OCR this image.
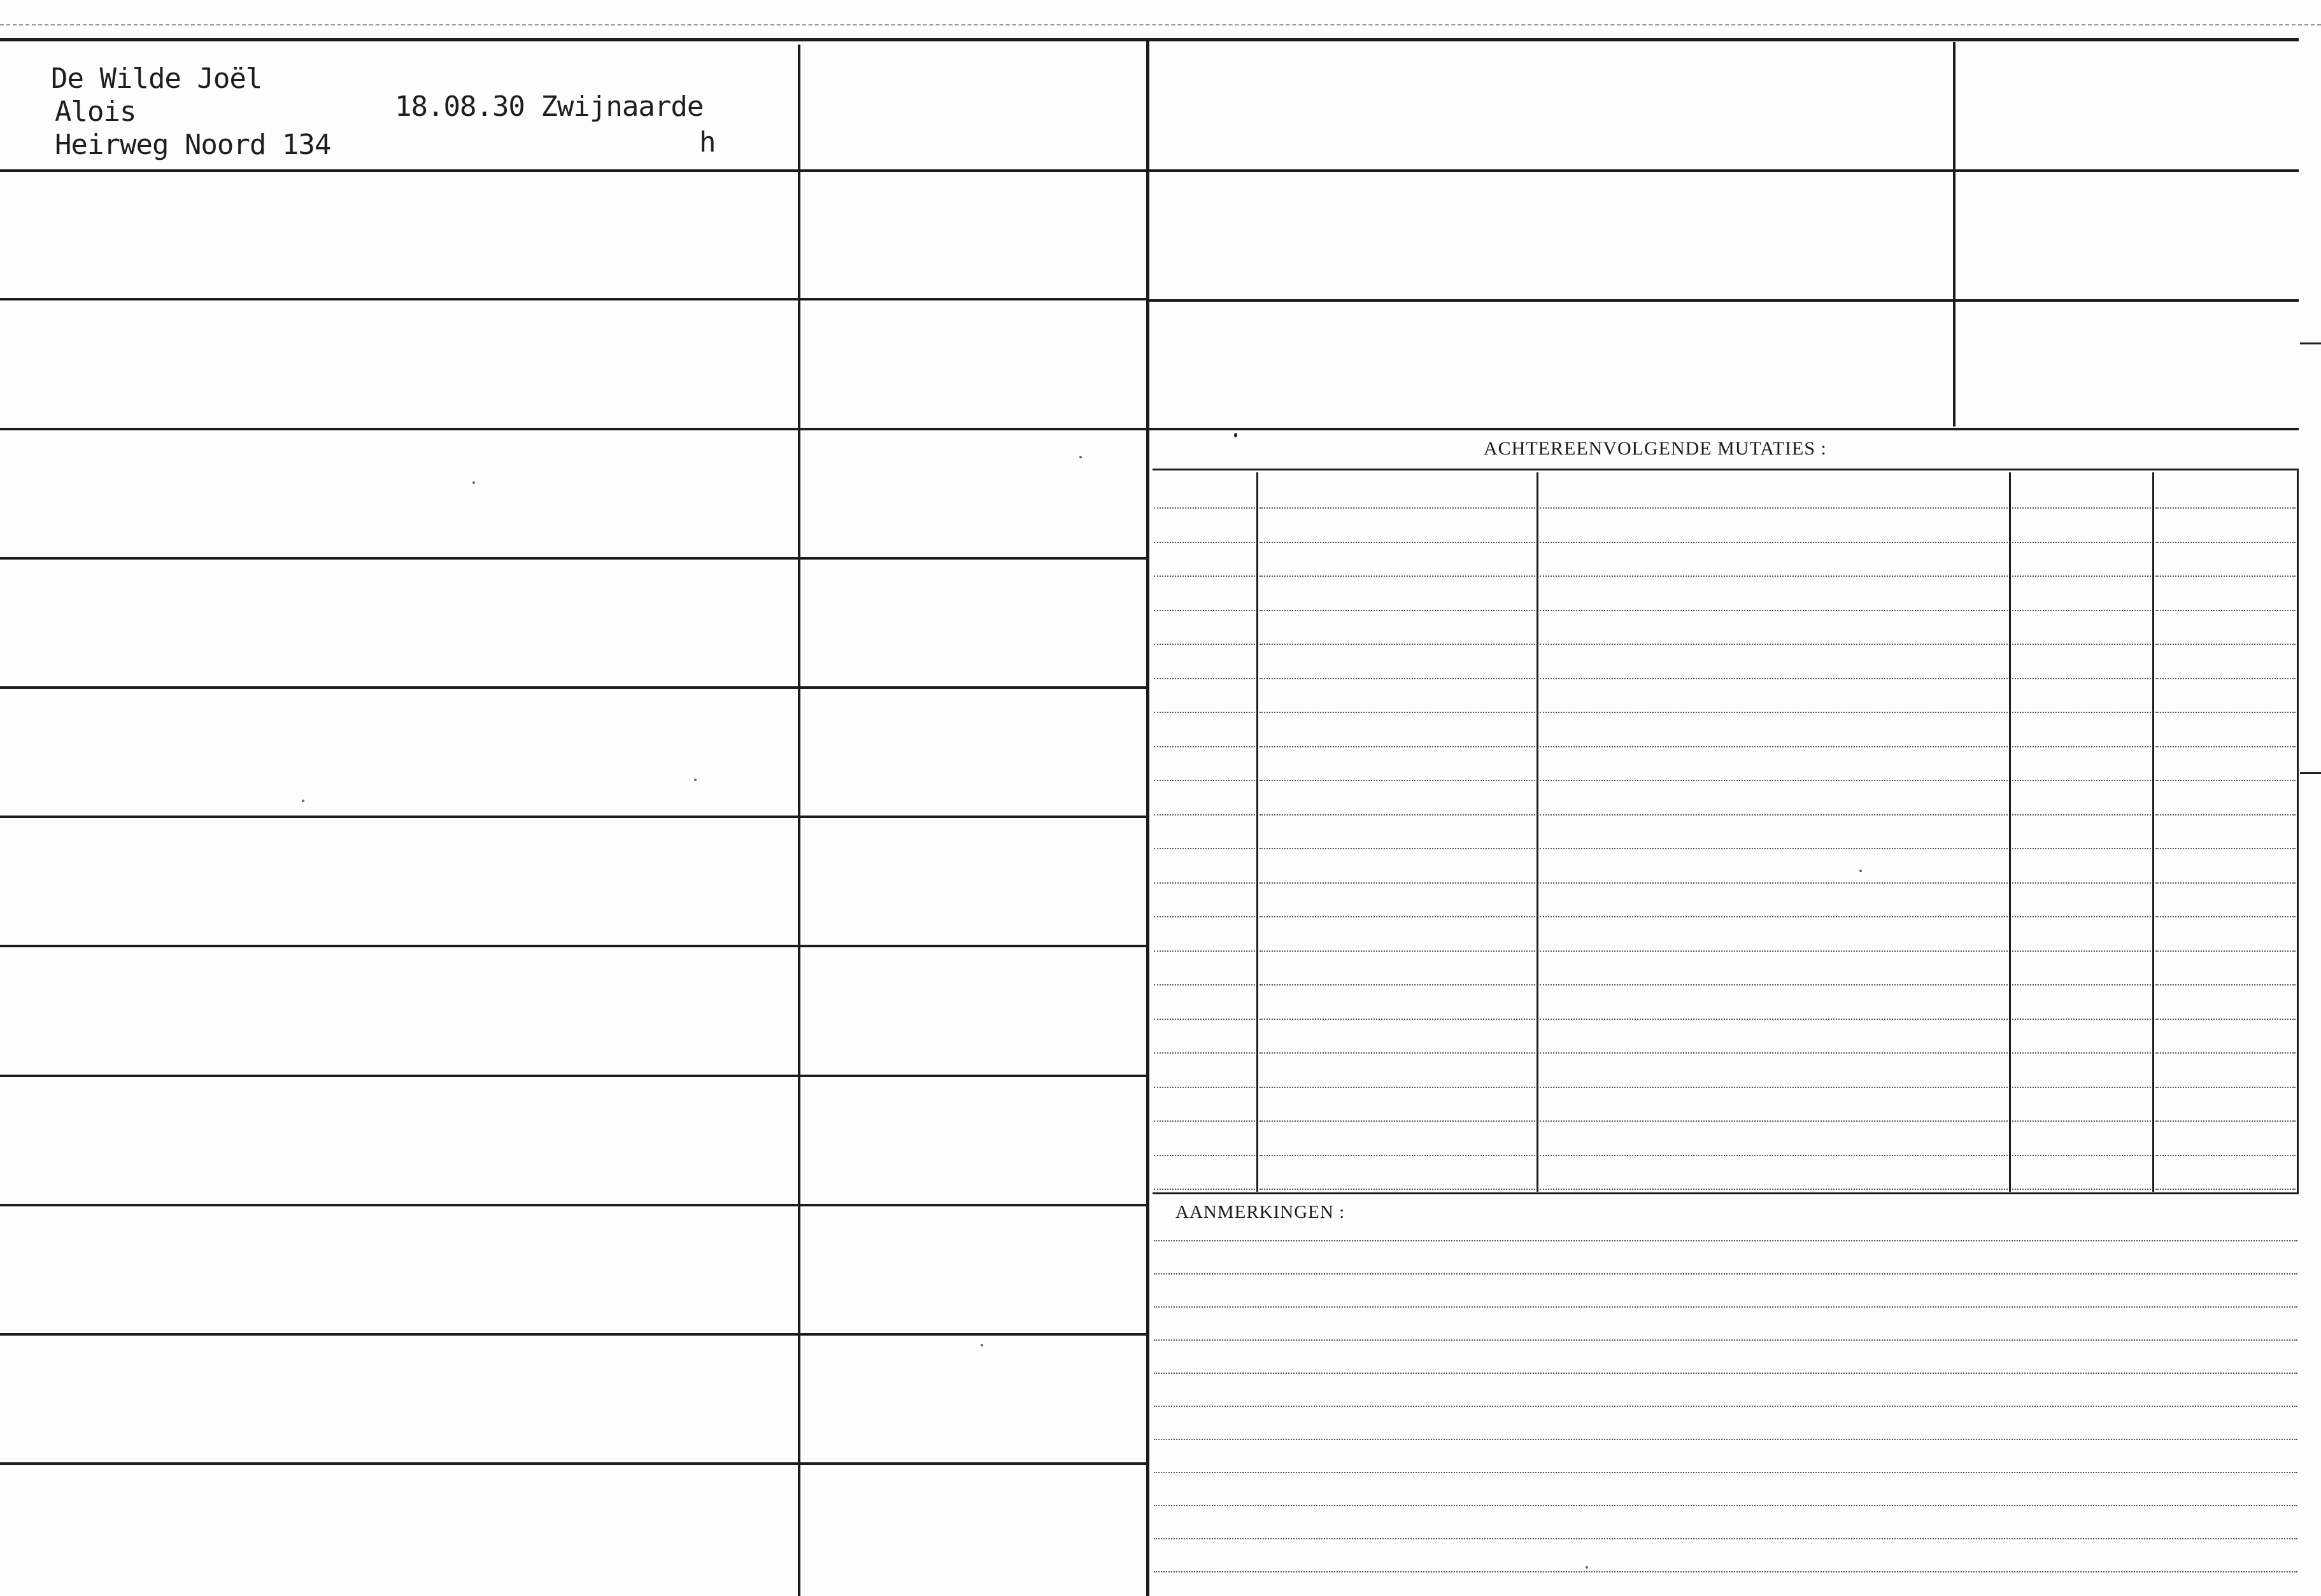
De Wilde Joël
Alois	18.08.30 Zwijnaarde
Heirweg Noord 134	h
ACHTEREENVOLGENDE MUTATIES :
AANMERKINGEN :
